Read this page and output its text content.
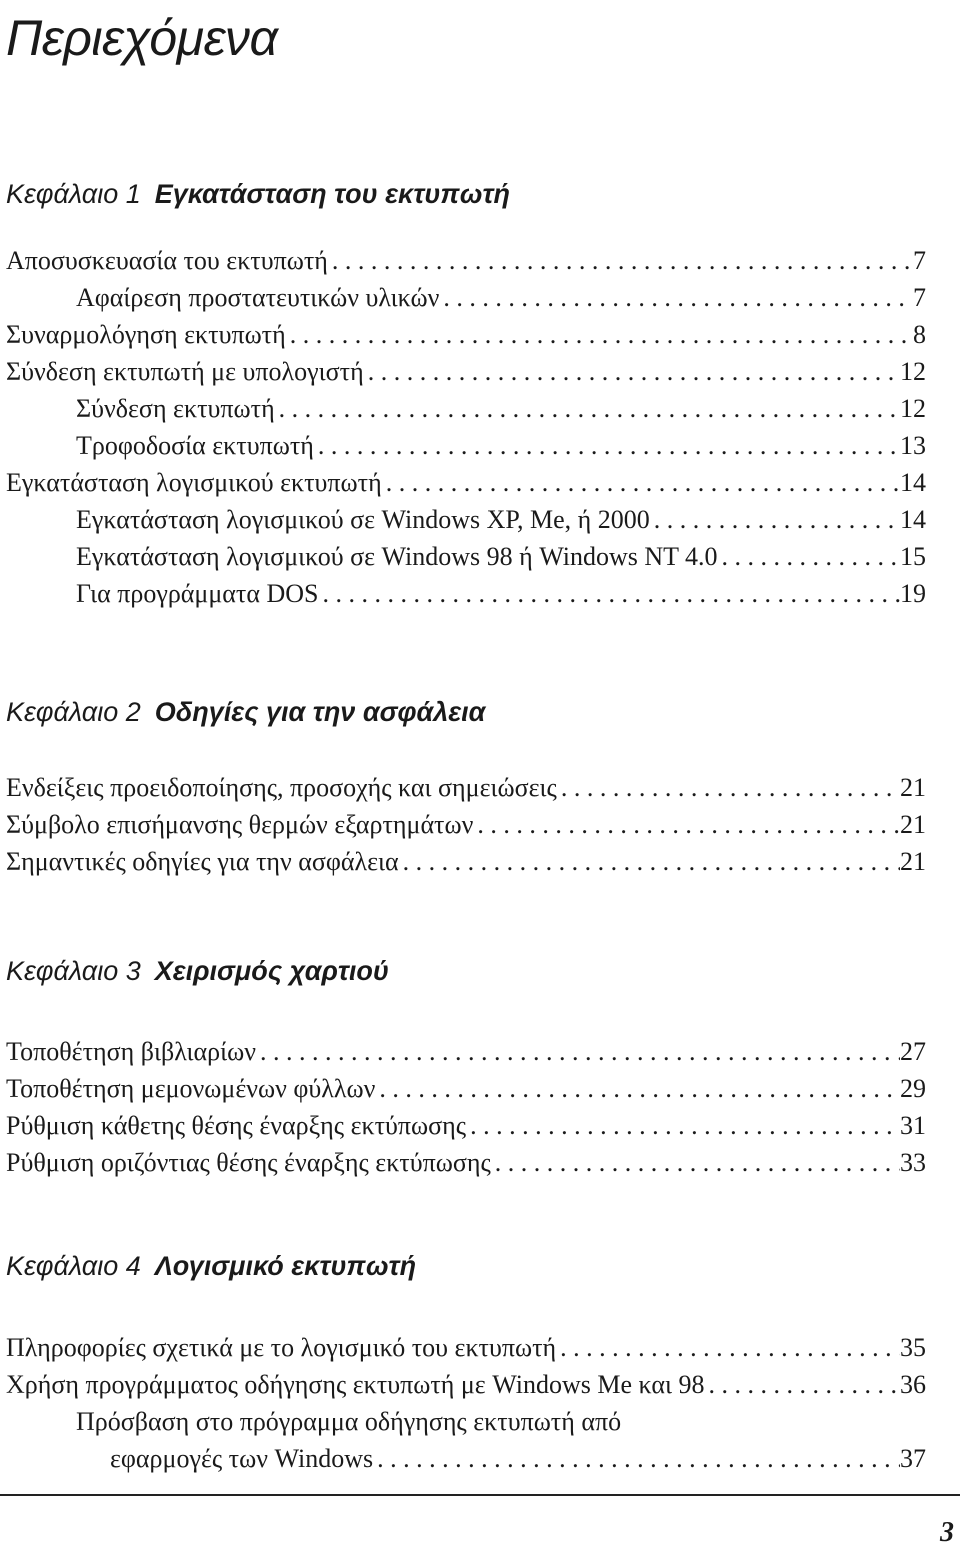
Περιεχόμενα
Κεφάλαιο 1 Εγκατάσταση του εκτυπωτή
Αποσυσκευασία του εκτυπωτή . . .	7
Αφαίρεση προστατευτικών υλικών . . .	7
Συναρμολόγηση εκτυπωτή . . .	8
Σύνδεση εκτυπωτή με υπολογιστή . . .	12
Σύνδεση εκτυπωτή . . .	12
Τροφοδοσία εκτυπωτή . . .	13
Εγκατάσταση λογισμικού εκτυπωτή . . .	14
Εγκατάσταση λογισμικού σε Windows XP, Me, ή 2000 . . .	14
Εγκατάσταση λογισμικού σε Windows 98 ή Windows NT 4.0 . . .	15
Για προγράμματα DOS . . .	19
Κεφάλαιο 2 Οδηγίες για την ασφάλεια
Ενδείξεις προειδοποίησης, προσοχής και σημειώσεις . . .	21
Σύμβολο επισήμανσης θερμών εξαρτημάτων . . .	21
Σημαντικές οδηγίες για την ασφάλεια . . .	21
Κεφάλαιο 3 Χειρισμός χαρτιού
Τοποθέτηση βιβλιαρίων . . .	27
Τοποθέτηση μεμονωμένων φύλλων . . .	29
Ρύθμιση κάθετης θέσης έναρξης εκτύπωσης . . .	31
Ρύθμιση οριζόντιας θέσης έναρξης εκτύπωσης . . .	33
Κεφάλαιο 4 Λογισμικό εκτυπωτή
Πληροφορίες σχετικά με το λογισμικό του εκτυπωτή . . .	35
Χρήση προγράμματος οδήγησης εκτυπωτή με Windows Me και 98 . . .	36
Πρόσβαση στο πρόγραμμα οδήγησης εκτυπωτή από
εφαρμογές των Windows . . .	37
3
